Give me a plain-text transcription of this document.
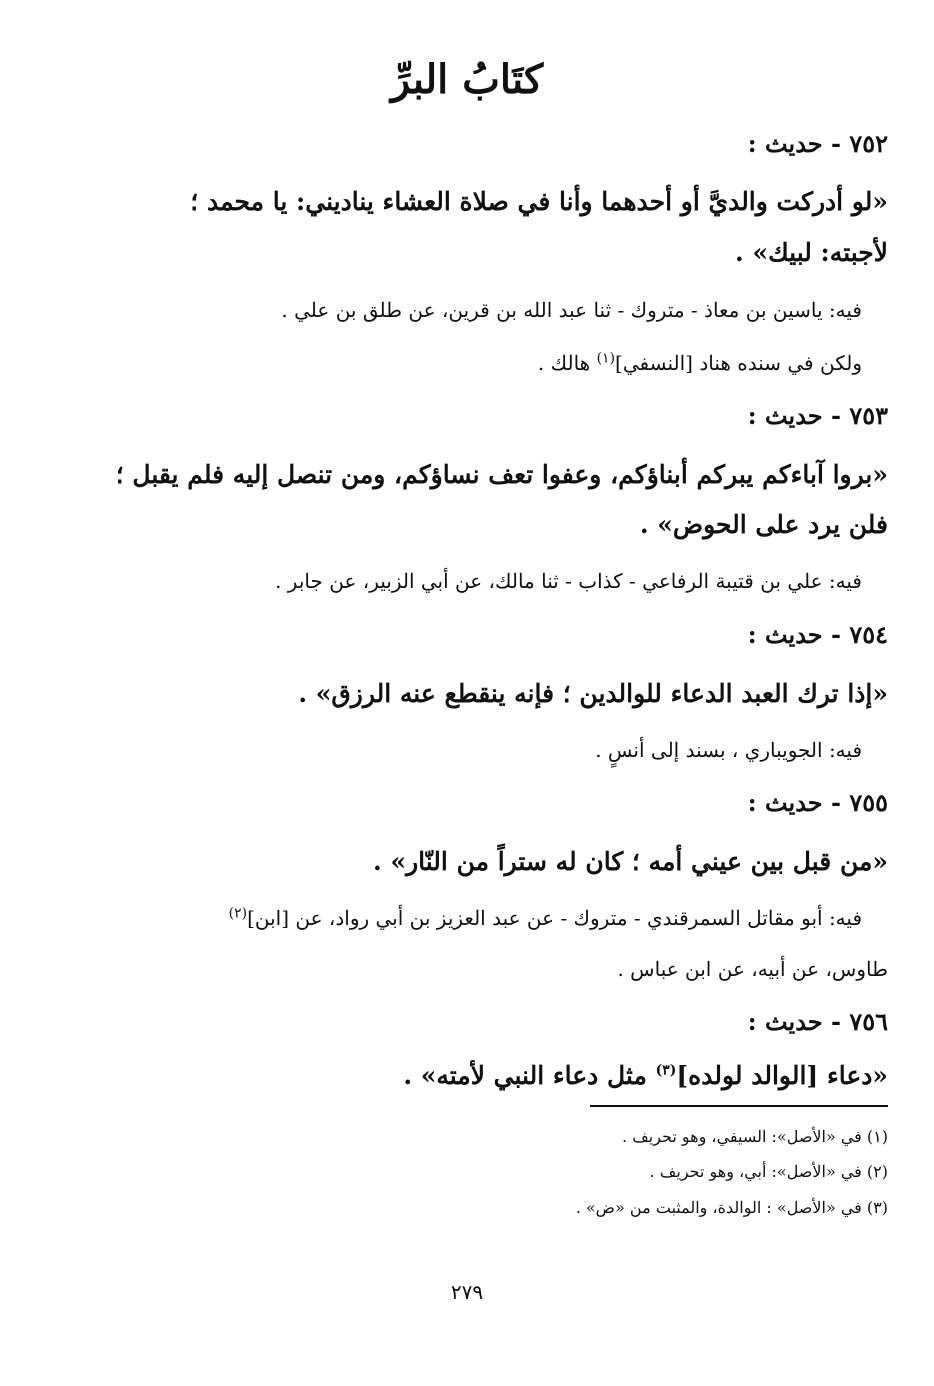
كتَابُ البرِّ
٧٥٢ - حديث :
«لو أدركت والديَّ أو أحدهما وأنا في صلاة العشاء يناديني: يا محمد ؛
لأجبته: لبيك» .
فيه: ياسين بن معاذ - متروك - ثنا عبد الله بن قرين، عن طلق بن علي .
ولكن في سنده هناد [النسفي]$^{(١)}$ هالك .
٧٥٣ - حديث :
«بروا آباءكم يبركم أبناؤكم، وعفوا تعف نساؤكم، ومن تنصل إليه فلم يقبل ؛
فلن يرد على الحوض» .
فيه: علي بن قتيبة الرفاعي - كذاب - ثنا مالك، عن أبي الزبير، عن جابر .
٧٥٤ - حديث :
«إذا ترك العبد الدعاء للوالدين ؛ فإنه ينقطع عنه الرزق» .
فيه: الجويباري ، بسند إلى أنسٍ .
٧٥٥ - حديث :
«من قبل بين عيني أمه ؛ كان له ستراً من النّار» .
فيه: أبو مقاتل السمرقندي - متروك - عن عبد العزيز بن أبي رواد، عن [ابن]$^{(٢)}$
طاوس، عن أبيه، عن ابن عباس .
٧٥٦ - حديث :
«دعاء [الوالد لولده]$^{(٣)}$ مثل دعاء النبي لأمته» .
(١) في «الأصل»: السيفي، وهو تحريف .
(٢) في «الأصل»: أبي، وهو تحريف .
(٣) في «الأصل» : الوالدة، والمثبت من «ض» .
٢٧٩
